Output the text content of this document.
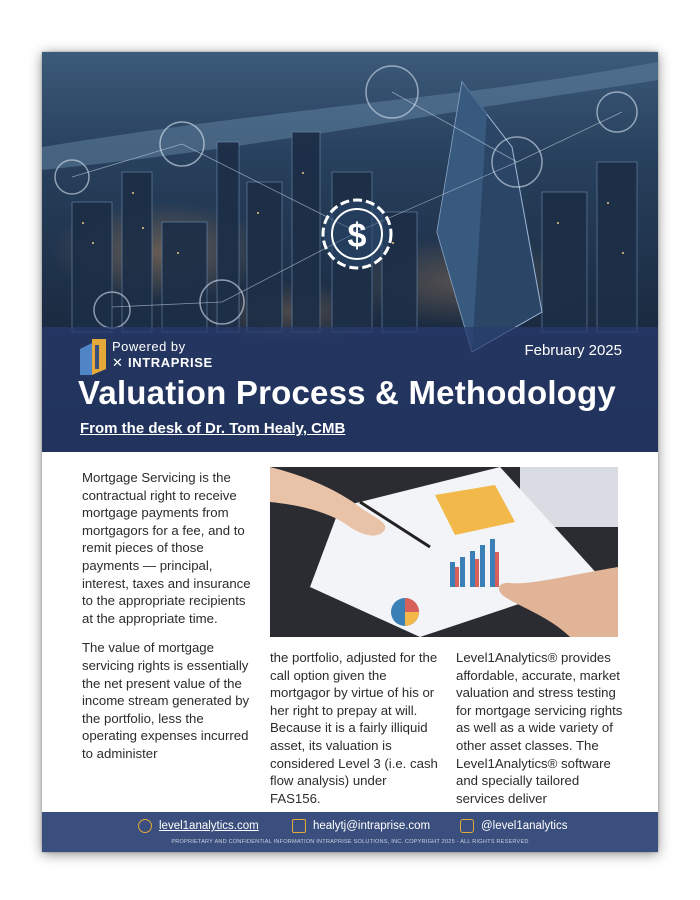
$
Powered by
✕ INTRAPRISE
February 2025
Valuation Process & Methodology
From the desk of Dr. Tom Healy, CMB

Mortgage Servicing is the contractual right to receive mortgage payments from mortgagors for a fee, and to remit pieces of those payments — principal, interest, taxes and insurance to the appropriate recipients at the appropriate time.

The value of mortgage servicing rights is essentially the net present value of the income stream generated by the portfolio, less the operating expenses incurred to administer

the portfolio, adjusted for the call option given the mortgagor by virtue of his or her right to prepay at will. Because it is a fairly illiquid asset, its valuation is considered Level 3 (i.e. cash flow analysis) under FAS156.

Level1Analytics® provides affordable, accurate, market valuation and stress testing for mortgage servicing rights as well as a wide variety of other asset classes. The Level1Analytics® software and specially tailored services deliver

level1analytics.com	healytj@intraprise.com	@level1analytics
PROPRIETARY AND CONFIDENTIAL INFORMATION INTRAPRISE SOLUTIONS, INC. COPYRIGHT 2025 - ALL RIGHTS RESERVED
